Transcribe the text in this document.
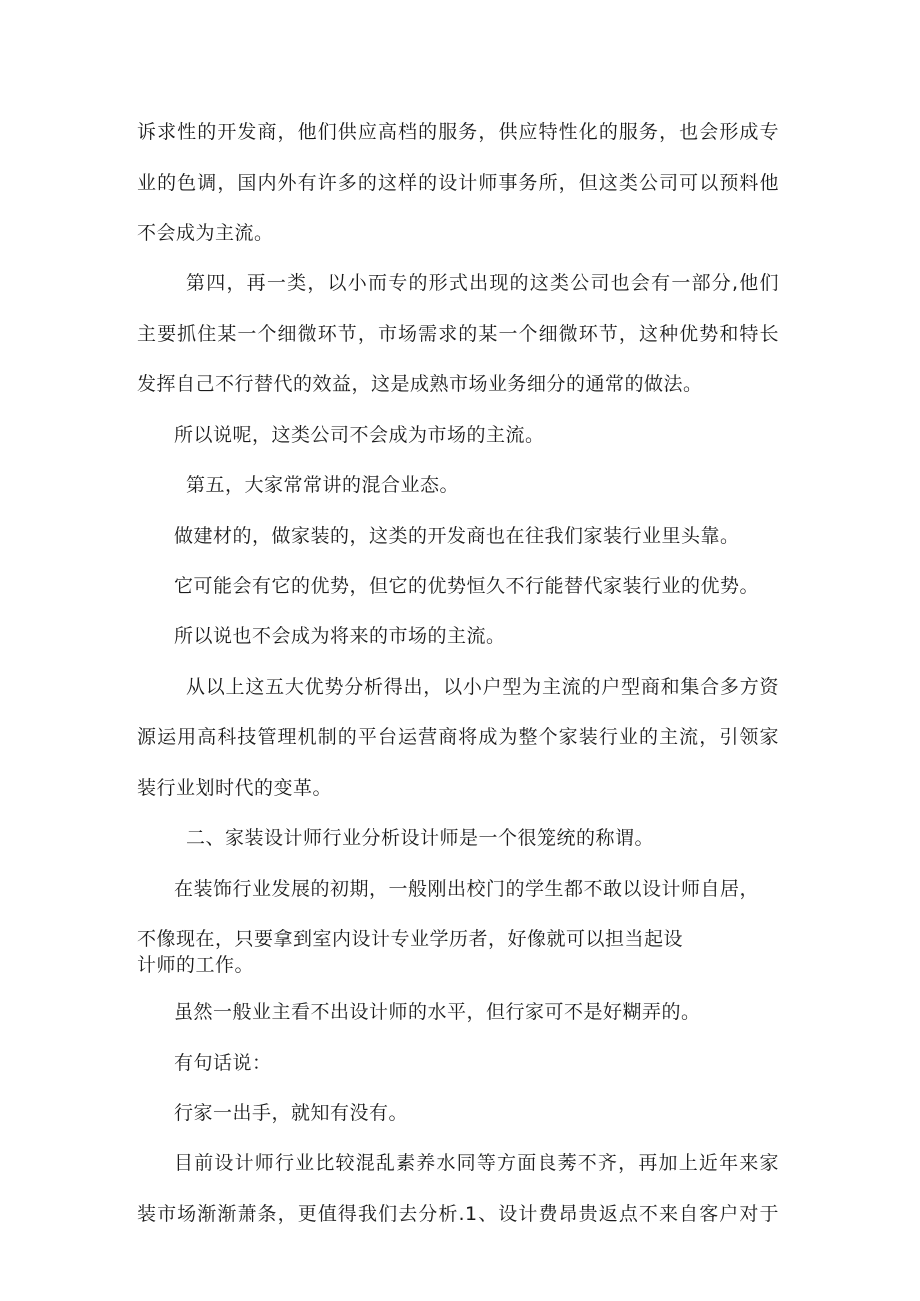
诉求性的开发商，他们供应高档的服务，供应特性化的服务，也会形成专
业的色调，国内外有许多的这样的设计师事务所，但这类公司可以预料他
不会成为主流。
第四，再一类，以小而专的形式出现的这类公司也会有一部分,他们
主要抓住某一个细微环节，市场需求的某一个细微环节，这种优势和特长
发挥自己不行替代的效益，这是成熟市场业务细分的通常的做法。
所以说呢，这类公司不会成为市场的主流。
第五，大家常常讲的混合业态。
做建材的，做家装的，这类的开发商也在往我们家装行业里头靠。
它可能会有它的优势，但它的优势恒久不行能替代家装行业的优势。
所以说也不会成为将来的市场的主流。
从以上这五大优势分析得出，以小户型为主流的户型商和集合多方资
源运用高科技管理机制的平台运营商将成为整个家装行业的主流，引领家
装行业划时代的变革。
二、家装设计师行业分析设计师是一个很笼统的称谓。
在装饰行业发展的初期，一般刚出校门的学生都不敢以设计师自居，
不像现在，只要拿到室内设计专业学历者，好像就可以担当起设
计师的工作。
虽然一般业主看不出设计师的水平，但行家可不是好糊弄的。
有句话说：
行家一出手，就知有没有。
目前设计师行业比较混乱素养水同等方面良莠不齐，再加上近年来家
装市场渐渐萧条，更值得我们去分析.1、设计费昂贵返点不来自客户对于
